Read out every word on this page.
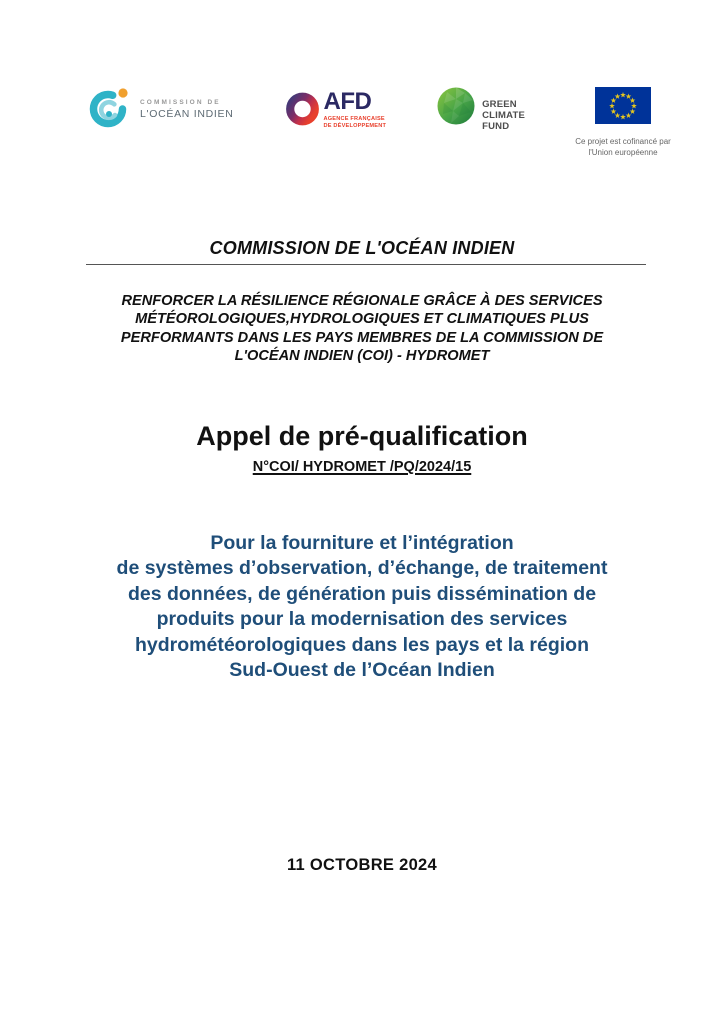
COMMISSION DE
L'OCÉAN INDIEN	AFD
AGENCE FRANÇAISE
DE DÉVELOPPEMENT
GREEN
CLIMATE
FUND
Ce projet est cofinancé par
l'Union européenne
COMMISSION DE L'OCÉAN INDIEN

RENFORCER LA RÉSILIENCE RÉGIONALE GRÂCE À DES SERVICES
MÉTÉOROLOGIQUES,HYDROLOGIQUES ET CLIMATIQUES PLUS
PERFORMANTS DANS LES PAYS MEMBRES DE LA COMMISSION DE
L'OCÉAN INDIEN (COI) - HYDROMET

Appel de pré-qualification
N°COI/ HYDROMET /PQ/2024/15

Pour la fourniture et l’intégration
de systèmes d’observation, d’échange, de traitement
des données, de génération puis dissémination de
produits pour la modernisation des services
hydrométéorologiques dans les pays et la région
Sud-Ouest de l’Océan Indien

11 OCTOBRE 2024
